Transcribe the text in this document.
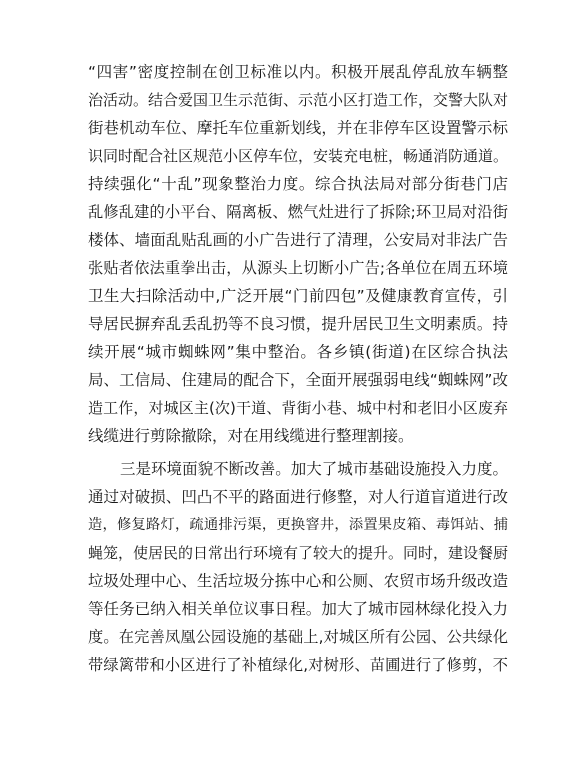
“四害”密度控制在创卫标准以内。积极开展乱停乱放车辆整
治活动。结合爱国卫生示范街、示范小区打造工作，交警大队对
街巷机动车位、摩托车位重新划线，并在非停车区设置警示标
识同时配合社区规范小区停车位，安装充电桩，畅通消防通道。
持续强化“十乱”现象整治力度。综合执法局对部分街巷门店
乱修乱建的小平台、隔离板、燃气灶进行了拆除;环卫局对沿街
楼体、墙面乱贴乱画的小广告进行了清理，公安局对非法广告
张贴者依法重拳出击，从源头上切断小广告;各单位在周五环境
卫生大扫除活动中,广泛开展“门前四包”及健康教育宣传，引
导居民摒弃乱丢乱扔等不良习惯，提升居民卫生文明素质。持
续开展“城市蜘蛛网”集中整治。各乡镇(街道)在区综合执法
局、工信局、住建局的配合下，全面开展强弱电线“蜘蛛网”改
造工作，对城区主(次)干道、背街小巷、城中村和老旧小区废弃
线缆进行剪除撤除，对在用线缆进行整理割接。
三是环境面貌不断改善。加大了城市基础设施投入力度。
通过对破损、凹凸不平的路面进行修整，对人行道盲道进行改
造，修复路灯，疏通排污渠，更换窨井，添置果皮箱、毒饵站、捕
蝇笼，使居民的日常出行环境有了较大的提升。同时，建设餐厨
垃圾处理中心、生活垃圾分拣中心和公厕、农贸市场升级改造
等任务已纳入相关单位议事日程。加大了城市园林绿化投入力
度。在完善凤凰公园设施的基础上,对城区所有公园、公共绿化
带绿篱带和小区进行了补植绿化,对树形、苗圃进行了修剪，不
